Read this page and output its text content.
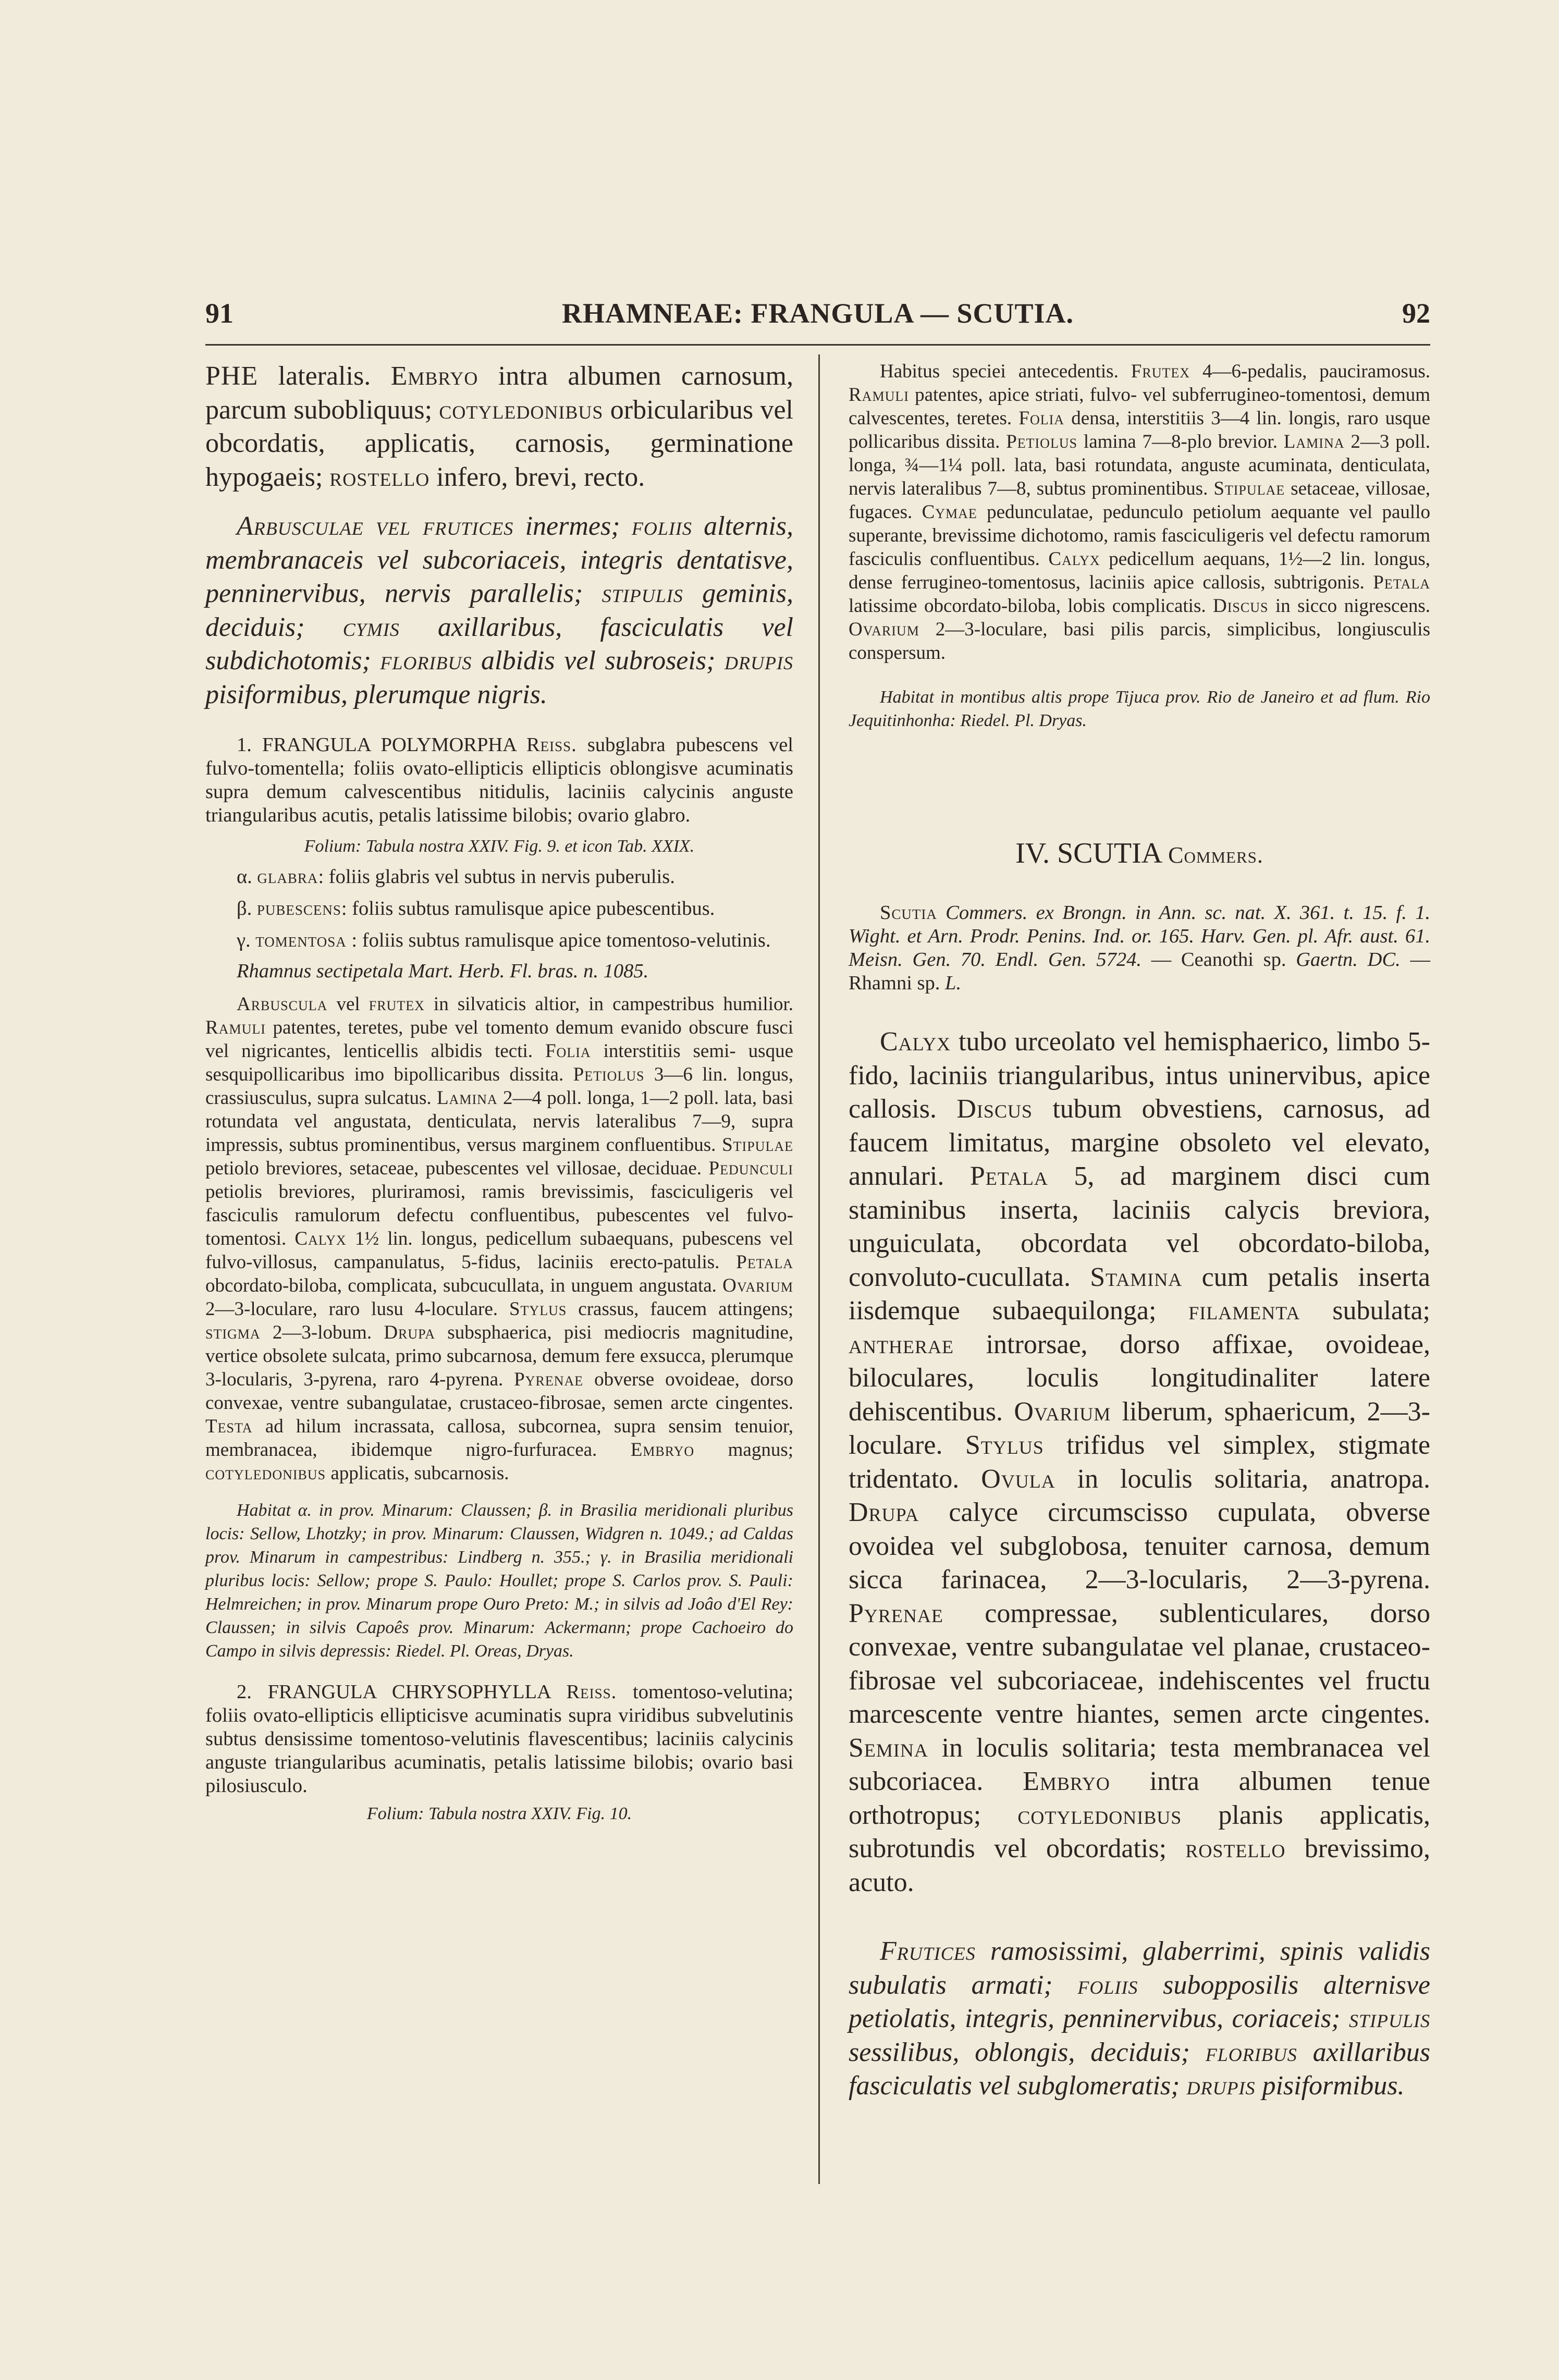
91	RHAMNEAE: FRANGULA — SCUTIA.	92

PHE lateralis. Embryo intra albumen carnosum, parcum subobliquus; cotyledonibus orbicularibus vel obcordatis, applicatis, carnosis, germinatione hypogaeis; rostello infero, brevi, recto.

Arbusculae vel frutices inermes; foliis alternis, membranaceis vel subcoriaceis, integris dentatisve, penninervibus, nervis parallelis; stipulis geminis, deciduis; cymis axillaribus, fasciculatis vel subdichotomis; floribus albidis vel subroseis; drupis pisiformibus, plerumque nigris.

1. FRANGULA POLYMORPHA Reiss. subglabra pubescens vel fulvo-tomentella; foliis ovato-ellipticis ellipticis oblongisve acuminatis supra demum calvescentibus nitidulis, laciniis calycinis anguste triangularibus acutis, petalis latissime bilobis; ovario glabro.

Folium: Tabula nostra XXIV. Fig. 9. et icon Tab. XXIX.

α. glabra: foliis glabris vel subtus in nervis puberulis.

β. pubescens: foliis subtus ramulisque apice pubescentibus.

γ. tomentosa : foliis subtus ramulisque apice tomentoso-velutinis.

Rhamnus sectipetala Mart. Herb. Fl. bras. n. 1085.

Arbuscula vel frutex in silvaticis altior, in campestribus humilior. Ramuli patentes, teretes, pube vel tomento demum evanido obscure fusci vel nigricantes, lenticellis albidis tecti. Folia interstitiis semi- usque sesquipollicaribus imo bipollicaribus dissita. Petiolus 3—6 lin. longus, crassiusculus, supra sulcatus. Lamina 2—4 poll. longa, 1—2 poll. lata, basi rotundata vel angustata, denticulata, nervis lateralibus 7—9, supra impressis, subtus prominentibus, versus marginem confluentibus. Stipulae petiolo breviores, setaceae, pubescentes vel villosae, deciduae. Pedunculi petiolis breviores, pluriramosi, ramis brevissimis, fasciculigeris vel fasciculis ramulorum defectu confluentibus, pubescentes vel fulvo-tomentosi. Calyx 1½ lin. longus, pedicellum subaequans, pubescens vel fulvo-villosus, campanulatus, 5-fidus, laciniis erecto-patulis. Petala obcordato-biloba, complicata, subcucullata, in unguem angustata. Ovarium 2—3-loculare, raro lusu 4-loculare. Stylus crassus, faucem attingens; stigma 2—3-lobum. Drupa subsphaerica, pisi mediocris magnitudine, vertice obsolete sulcata, primo subcarnosa, demum fere exsucca, plerumque 3-locularis, 3-pyrena, raro 4-pyrena. Pyrenae obverse ovoideae, dorso convexae, ventre subangulatae, crustaceo-fibrosae, semen arcte cingentes. Testa ad hilum incrassata, callosa, subcornea, supra sensim tenuior, membranacea, ibidemque nigro-furfuracea. Embryo magnus; cotyledonibus applicatis, subcarnosis.

Habitat α. in prov. Minarum: Claussen; β. in Brasilia meridionali pluribus locis: Sellow, Lhotzky; in prov. Minarum: Claussen, Widgren n. 1049.; ad Caldas prov. Minarum in campestribus: Lindberg n. 355.; γ. in Brasilia meridionali pluribus locis: Sellow; prope S. Paulo: Houllet; prope S. Carlos prov. S. Pauli: Helmreichen; in prov. Minarum prope Ouro Preto: M.; in silvis ad Joâo d'El Rey: Claussen; in silvis Capoês prov. Minarum: Ackermann; prope Cachoeiro do Campo in silvis depressis: Riedel. Pl. Oreas, Dryas.

2. FRANGULA CHRYSOPHYLLA Reiss. tomentoso-velutina; foliis ovato-ellipticis ellipticisve acuminatis supra viridibus subvelutinis subtus densissime tomentoso-velutinis flavescentibus; laciniis calycinis anguste triangularibus acuminatis, petalis latissime bilobis; ovario basi pilosiusculo.

Folium: Tabula nostra XXIV. Fig. 10.

Habitus speciei antecedentis. Frutex 4—6-pedalis, pauciramosus. Ramuli patentes, apice striati, fulvo- vel subferrugineo-tomentosi, demum calvescentes, teretes. Folia densa, interstitiis 3—4 lin. longis, raro usque pollicaribus dissita. Petiolus lamina 7—8-plo brevior. Lamina 2—3 poll. longa, ¾—1¼ poll. lata, basi rotundata, anguste acuminata, denticulata, nervis lateralibus 7—8, subtus prominentibus. Stipulae setaceae, villosae, fugaces. Cymae pedunculatae, pedunculo petiolum aequante vel paullo superante, brevissime dichotomo, ramis fasciculigeris vel defectu ramorum fasciculis confluentibus. Calyx pedicellum aequans, 1½—2 lin. longus, dense ferrugineo-tomentosus, laciniis apice callosis, subtrigonis. Petala latissime obcordato-biloba, lobis complicatis. Discus in sicco nigrescens. Ovarium 2—3-loculare, basi pilis parcis, simplicibus, longiusculis conspersum.

Habitat in montibus altis prope Tijuca prov. Rio de Janeiro et ad flum. Rio Jequitinhonha: Riedel. Pl. Dryas.

IV. SCUTIA Commers.

Scutia Commers. ex Brongn. in Ann. sc. nat. X. 361. t. 15. f. 1. Wight. et Arn. Prodr. Penins. Ind. or. 165. Harv. Gen. pl. Afr. aust. 61. Meisn. Gen. 70. Endl. Gen. 5724. — Ceanothi sp. Gaertn. DC. — Rhamni sp. L.

Calyx tubo urceolato vel hemisphaerico, limbo 5-fido, laciniis triangularibus, intus uninervibus, apice callosis. Discus tubum obvestiens, carnosus, ad faucem limitatus, margine obsoleto vel elevato, annulari. Petala 5, ad marginem disci cum staminibus inserta, laciniis calycis breviora, unguiculata, obcordata vel obcordato-biloba, convoluto-cucullata. Stamina cum petalis inserta iisdemque subaequilonga; filamenta subulata; antherae introrsae, dorso affixae, ovoideae, biloculares, loculis longitudinaliter latere dehiscentibus. Ovarium liberum, sphaericum, 2—3-loculare. Stylus trifidus vel simplex, stigmate tridentato. Ovula in loculis solitaria, anatropa. Drupa calyce circumscisso cupulata, obverse ovoidea vel subglobosa, tenuiter carnosa, demum sicca farinacea, 2—3-locularis, 2—3-pyrena. Pyrenae compressae, sublenticulares, dorso convexae, ventre subangulatae vel planae, crustaceo-fibrosae vel subcoriaceae, indehiscentes vel fructu marcescente ventre hiantes, semen arcte cingentes. Semina in loculis solitaria; testa membranacea vel subcoriacea. Embryo intra albumen tenue orthotropus; cotyledonibus planis applicatis, subrotundis vel obcordatis; rostello brevissimo, acuto.

Frutices ramosissimi, glaberrimi, spinis validis subulatis armati; foliis subopposilis alternisve petiolatis, integris, penninervibus, coriaceis; stipulis sessilibus, oblongis, deciduis; floribus axillaribus fasciculatis vel subglomeratis; drupis pisiformibus.
